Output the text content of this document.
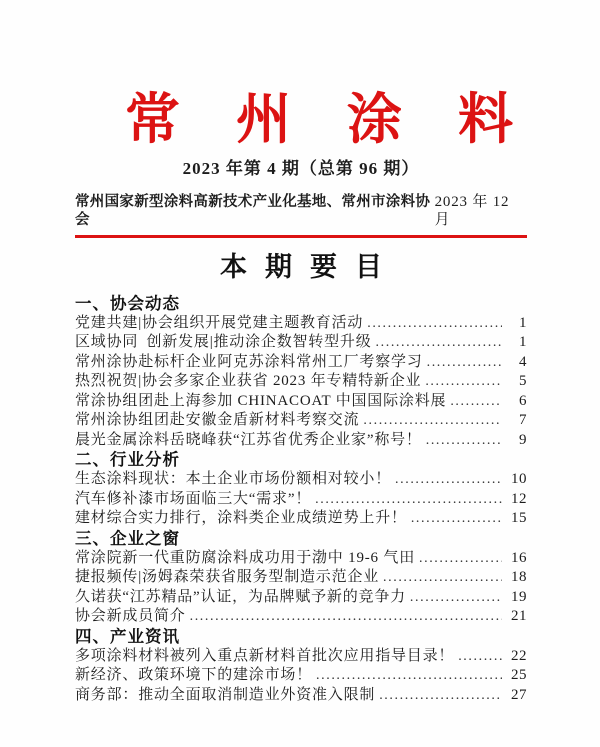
常州涂料
2023 年第 4 期（总第 96 期）
常州国家新型涂料高新技术产业化基地、常州市涂料协会
2023 年 12 月
本期要目
一、协会动态
党建共建|协会组织开展党建主题教育活动 .....	1
区域协同 创新发展|推动涂企数智转型升级 .....	1
常州涂协赴标杆企业阿克苏涂料常州工厂考察学习 .....	4
热烈祝贺|协会多家企业获省 2023 年专精特新企业 .....	5
常涂协组团赴上海参加 CHINACOAT 中国国际涂料展 .....	6
常州涂协组团赴安徽金盾新材料考察交流 .....	7
晨光金属涂料岳晓峰获“江苏省优秀企业家”称号！ .....	9
二、行业分析
生态涂料现状：本土企业市场份额相对较小！ .....	10
汽车修补漆市场面临三大“需求”！ .....	12
建材综合实力排行，涂料类企业成绩逆势上升！ .....	15
三、企业之窗
常涂院新一代重防腐涂料成功用于渤中 19-6 气田 .....	16
捷报频传|汤姆森荣获省服务型制造示范企业 .....	18
久诺获“江苏精品”认证，为品牌赋予新的竞争力 .....	19
协会新成员简介 .....	21
四、产业资讯
多项涂料材料被列入重点新材料首批次应用指导目录！ .....	22
新经济、政策环境下的建涂市场！ .....	25
商务部：推动全面取消制造业外资准入限制 .....	27
